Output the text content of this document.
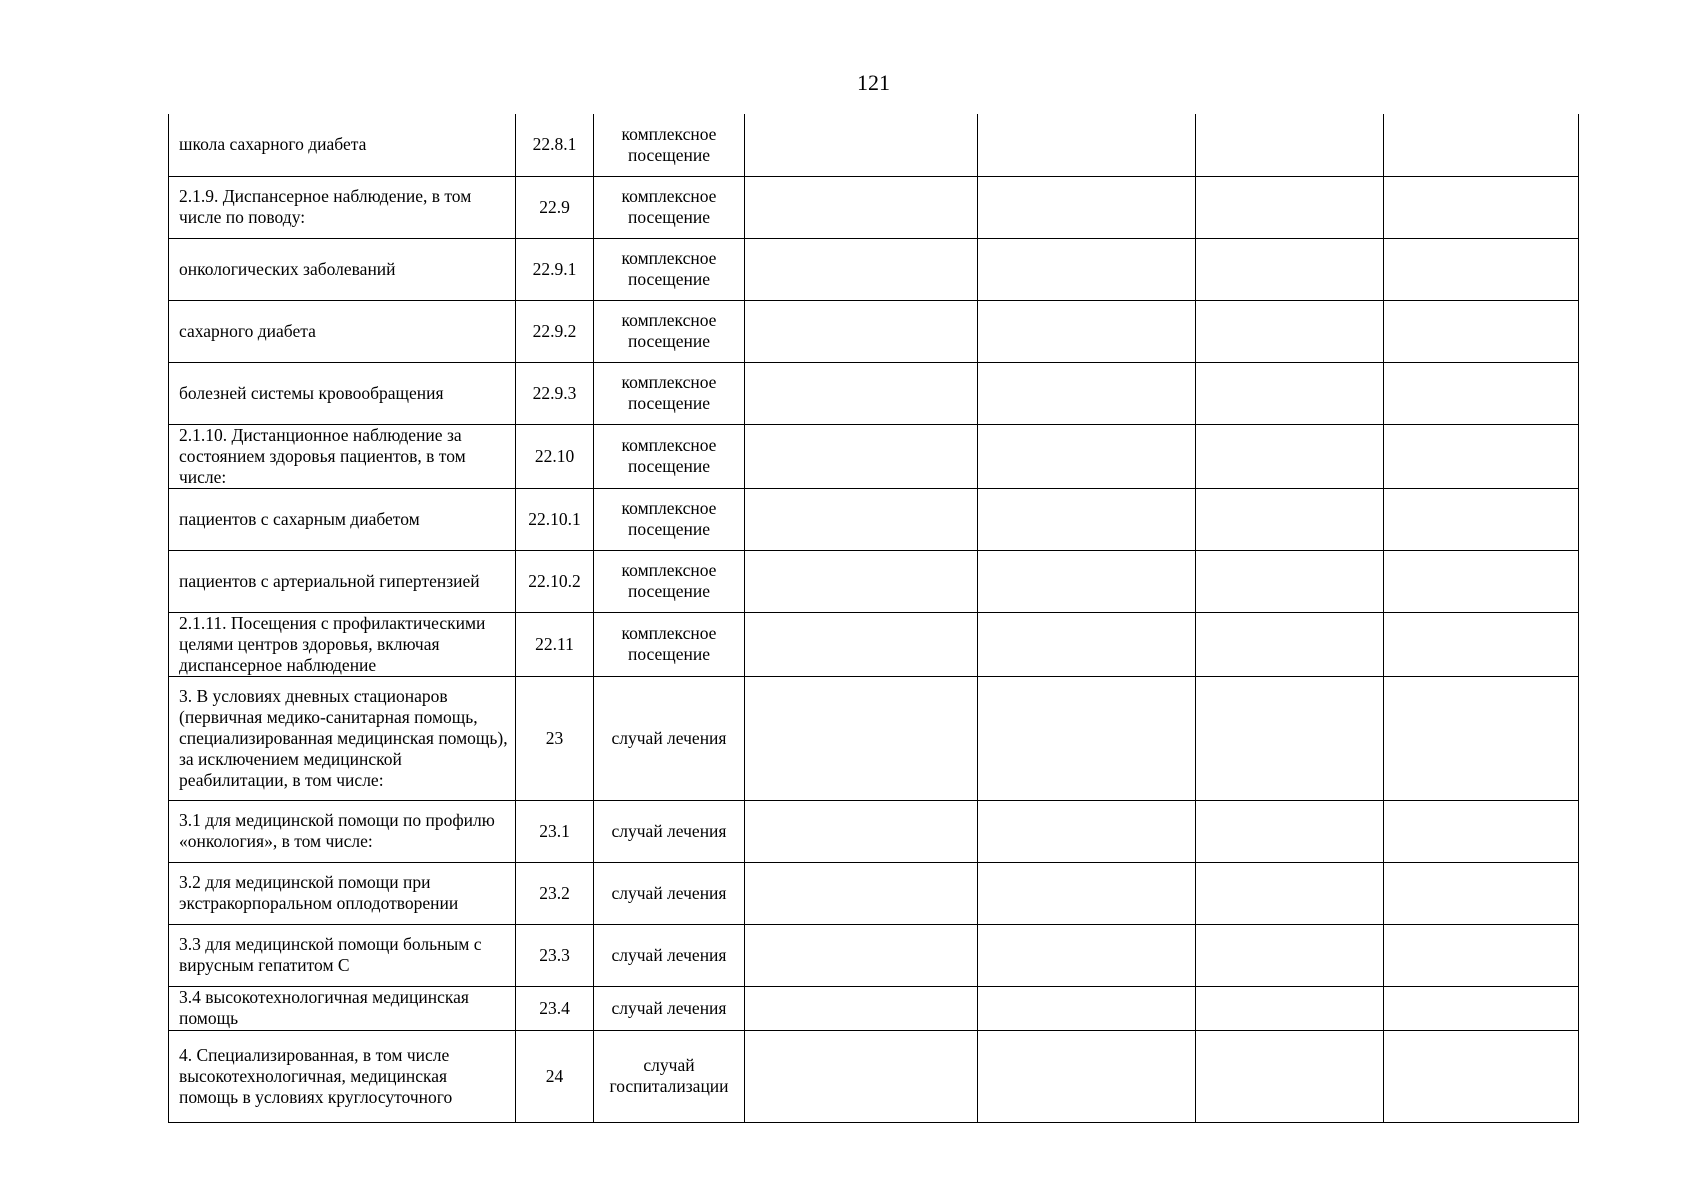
121
школа сахарного диабета	22.8.1	комплексное посещение				
2.1.9. Диспансерное наблюдение, в том числе по поводу:	22.9	комплексное посещение				
онкологических заболеваний	22.9.1	комплексное посещение				
сахарного диабета	22.9.2	комплексное посещение				
болезней системы кровообращения	22.9.3	комплексное посещение				
2.1.10. Дистанционное наблюдение за состоянием здоровья пациентов, в том числе:	22.10	комплексное посещение				
пациентов с сахарным диабетом	22.10.1	комплексное посещение				
пациентов с артериальной гипертензией	22.10.2	комплексное посещение				
2.1.11. Посещения с профилактическими целями центров здоровья, включая диспансерное наблюдение	22.11	комплексное посещение				
3. В условиях дневных стационаров (первичная медико-санитарная помощь, специализированная медицинская помощь), за исключением медицинской реабилитации, в том числе:	23	случай лечения				
3.1 для медицинской помощи по профилю «онкология», в том числе:	23.1	случай лечения				
3.2 для медицинской помощи при экстракорпоральном оплодотворении	23.2	случай лечения				
3.3 для медицинской помощи больным с вирусным гепатитом С	23.3	случай лечения				
3.4 высокотехнологичная медицинская помощь	23.4	случай лечения				
4. Специализированная, в том числе высокотехнологичная, медицинская помощь в условиях круглосуточного	24	случай госпитализации				
